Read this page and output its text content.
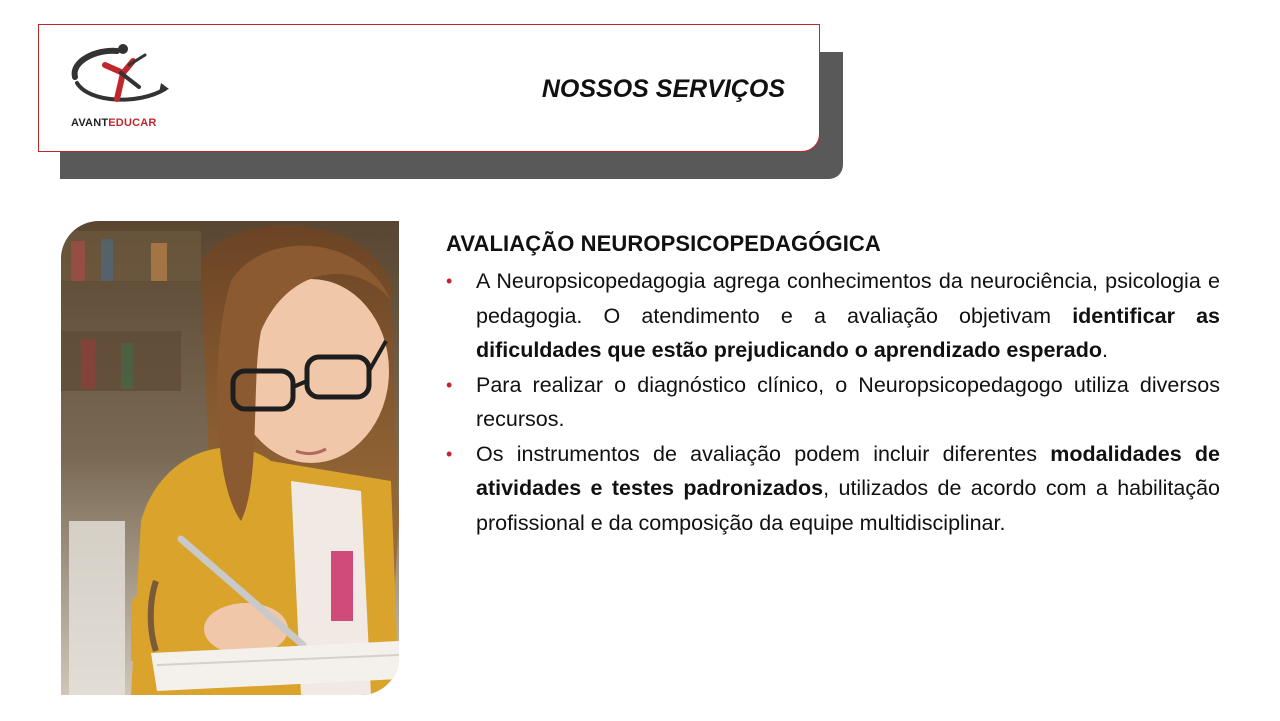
AVANTEDUCAR
NOSSOS SERVIÇOS
AVALIAÇÃO NEUROPSICOPEDAGÓGICA
• A Neuropsicopedagogia agrega conhecimentos da neurociência, psicologia e pedagogia. O atendimento e a avaliação objetivam identificar as dificuldades que estão prejudicando o aprendizado esperado.
• Para realizar o diagnóstico clínico, o Neuropsicopedagogo utiliza diversos recursos.
• Os instrumentos de avaliação podem incluir diferentes modalidades de atividades e testes padronizados, utilizados de acordo com a habilitação profissional e da composição da equipe multidisciplinar.
